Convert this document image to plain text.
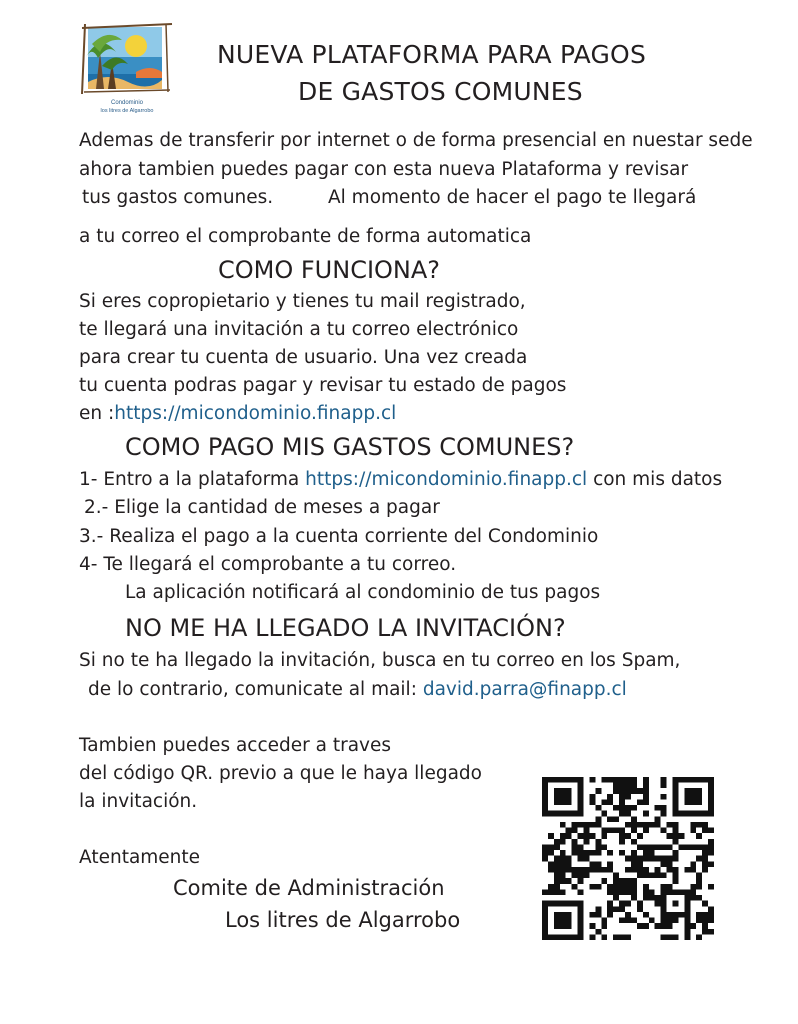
Condominio
los litres de Algarrobo
NUEVA PLATAFORMA PARA PAGOS
DE GASTOS COMUNES
Ademas de transferir por internet o de forma presencial en nuestar sede
ahora tambien puedes pagar con esta nueva Plataforma y revisar
tus gastos comunes.	Al momento de hacer el pago te llegará
a tu correo el comprobante de forma automatica
COMO FUNCIONA?
Si eres copropietario y tienes tu mail registrado,
te llegará una invitación a tu correo electrónico
para crear tu cuenta de usuario. Una vez creada
tu cuenta podras pagar y revisar tu estado de pagos
en :https://micondominio.finapp.cl
COMO PAGO MIS GASTOS COMUNES?
1- Entro a la plataforma https://micondominio.finapp.cl con mis datos
2.- Elige la cantidad de meses a pagar
3.- Realiza el pago a la cuenta corriente del Condominio
4- Te llegará el comprobante a tu correo.
La aplicación notificará al condominio de tus pagos
NO ME HA LLEGADO LA INVITACIÓN?
Si no te ha llegado la invitación, busca en tu correo en los Spam,
de lo contrario, comunicate al mail: david.parra@finapp.cl
Tambien puedes acceder a traves
del código QR. previo a que le haya llegado
la invitación.
Atentamente
Comite de Administración
Los litres de Algarrobo
